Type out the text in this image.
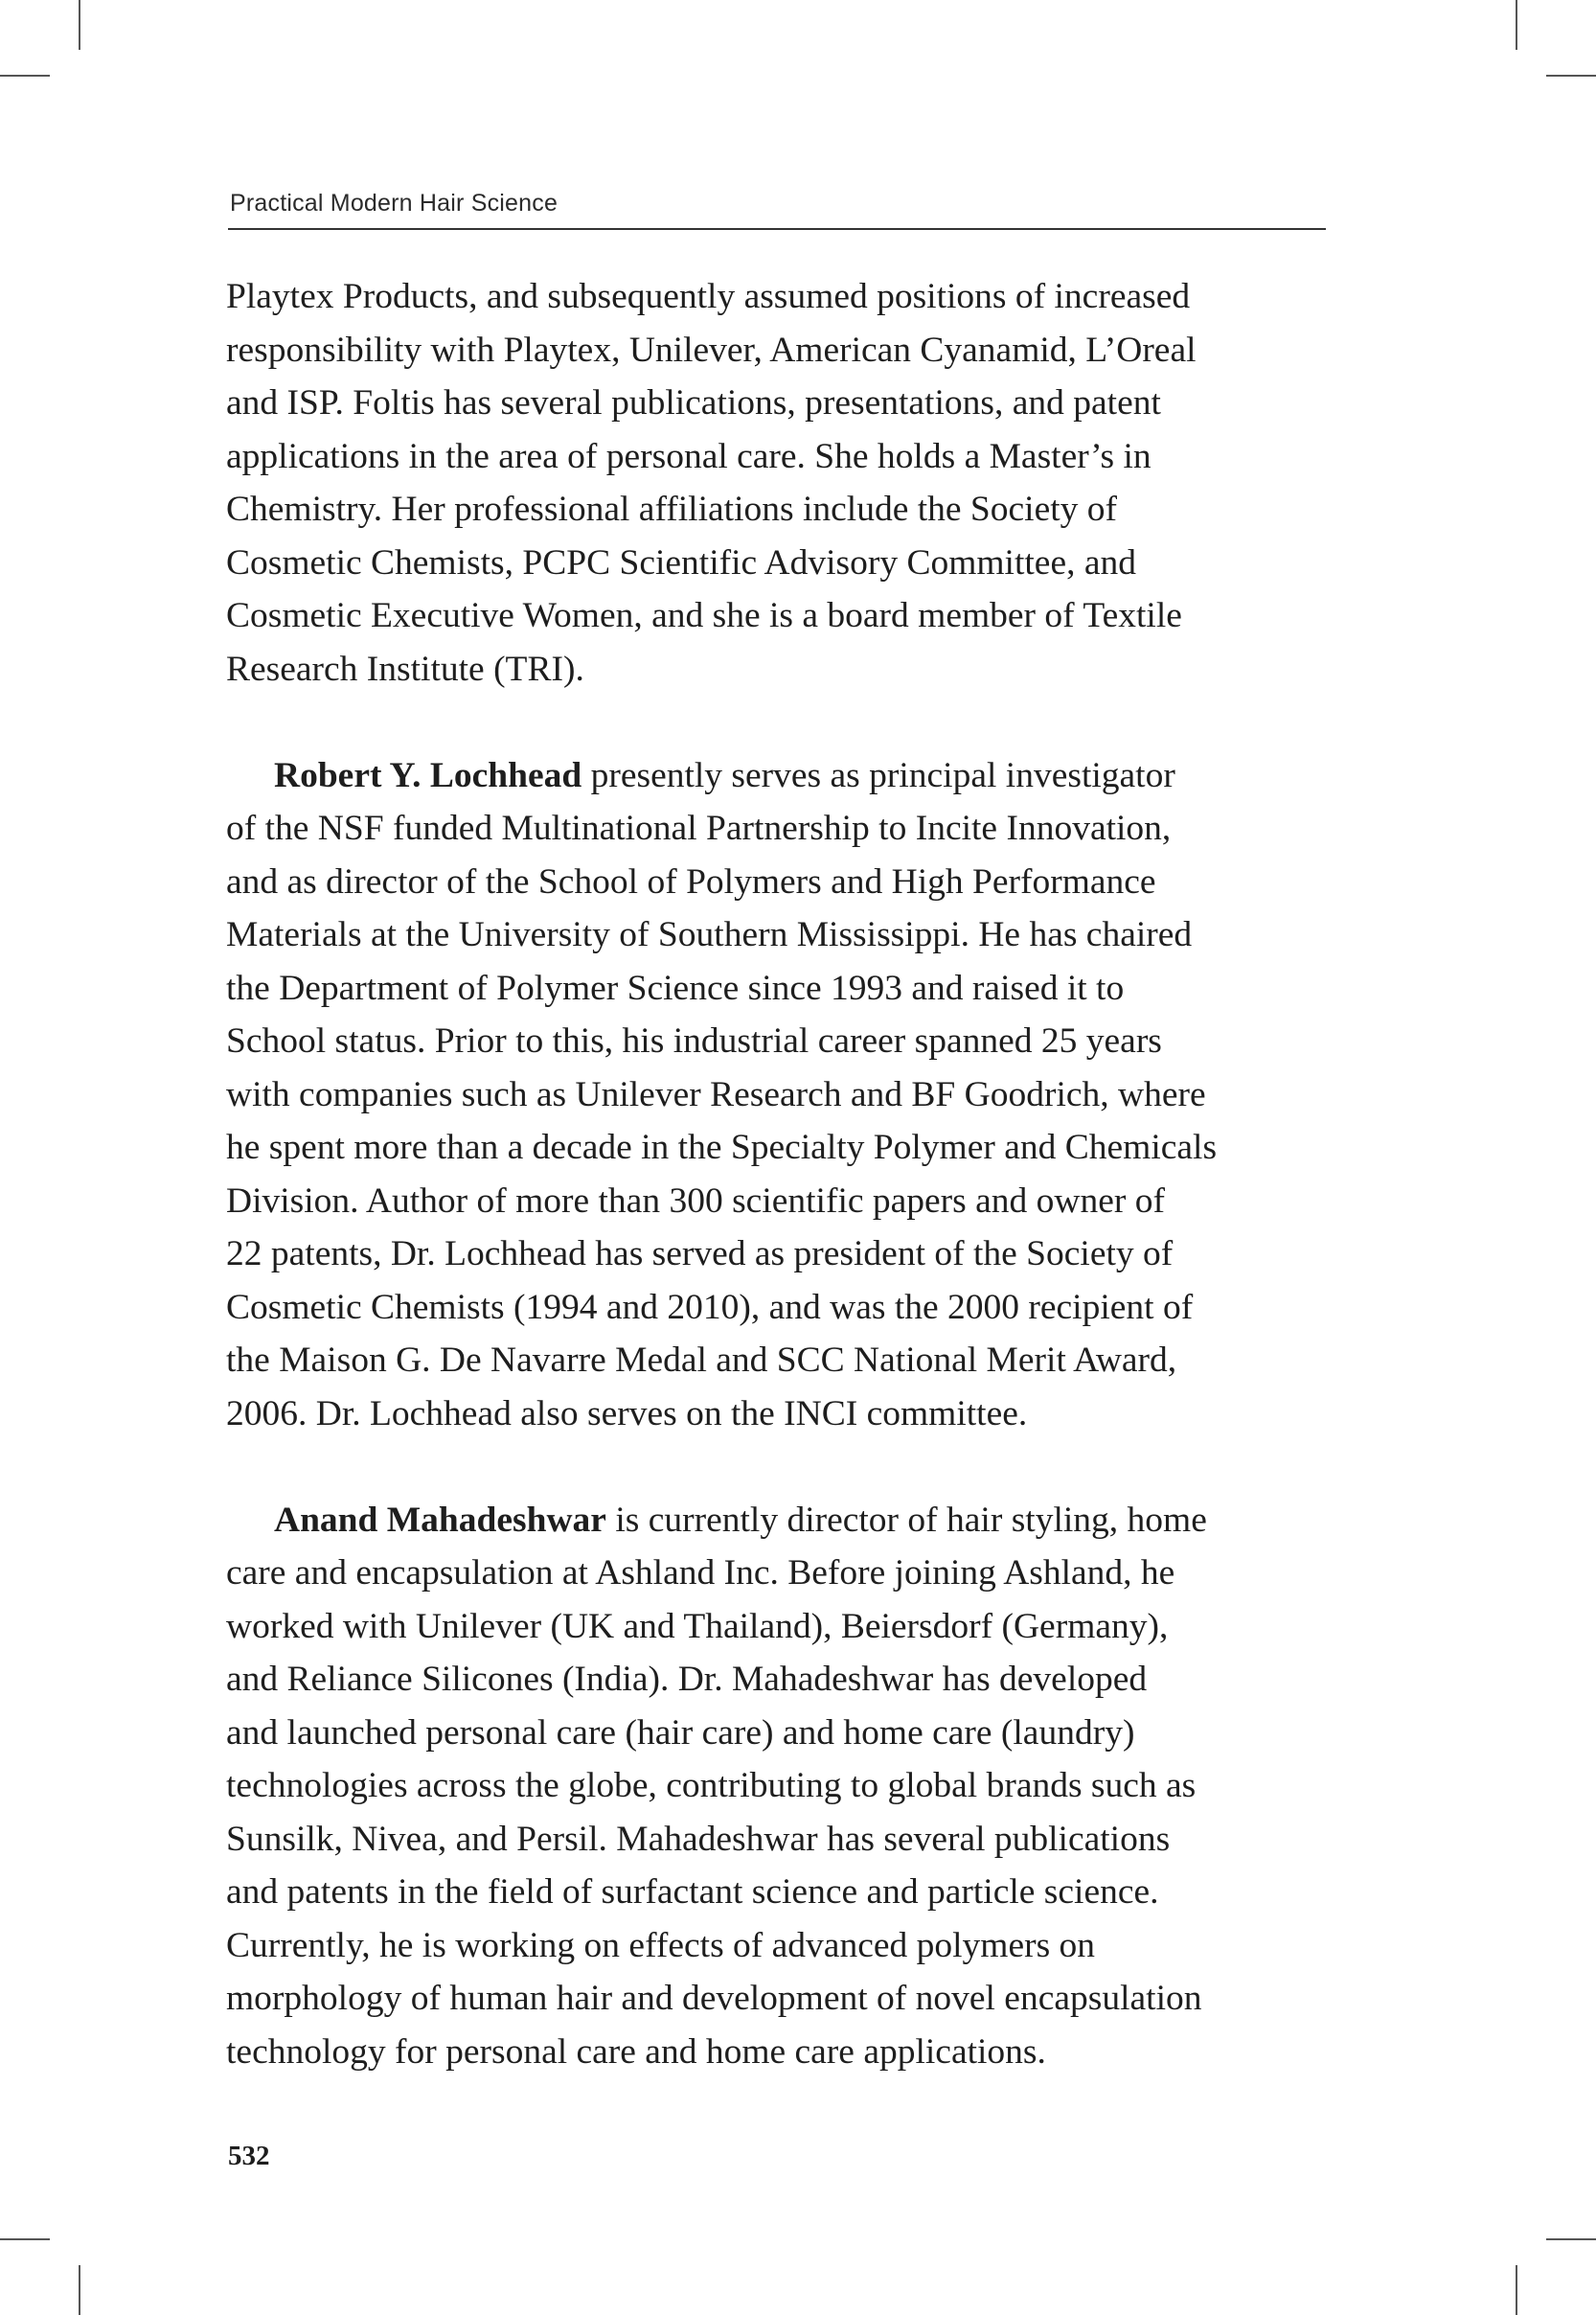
Practical Modern Hair Science
Playtex Products, and subsequently assumed positions of increased
responsibility with Playtex, Unilever, American Cyanamid, L’Oreal
and ISP. Foltis has several publications, presentations, and patent
applications in the area of personal care. She holds a Master’s in
Chemistry. Her professional affiliations include the Society of
Cosmetic Chemists, PCPC Scientific Advisory Committee, and
Cosmetic Executive Women, and she is a board member of Textile
Research Institute (TRI).
Robert Y. Lochhead presently serves as principal investigator
of the NSF funded Multinational Partnership to Incite Innovation,
and as director of the School of Polymers and High Performance
Materials at the University of Southern Mississippi. He has chaired
the Department of Polymer Science since 1993 and raised it to
School status. Prior to this, his industrial career spanned 25 years
with companies such as Unilever Research and BF Goodrich, where
he spent more than a decade in the Specialty Polymer and Chemicals
Division. Author of more than 300 scientific papers and owner of
22 patents, Dr. Lochhead has served as president of the Society of
Cosmetic Chemists (1994 and 2010), and was the 2000 recipient of
the Maison G. De Navarre Medal and SCC National Merit Award,
2006. Dr. Lochhead also serves on the INCI committee.
Anand Mahadeshwar is currently director of hair styling, home
care and encapsulation at Ashland Inc. Before joining Ashland, he
worked with Unilever (UK and Thailand), Beiersdorf (Germany),
and Reliance Silicones (India). Dr. Mahadeshwar has developed
and launched personal care (hair care) and home care (laundry)
technologies across the globe, contributing to global brands such as
Sunsilk, Nivea, and Persil. Mahadeshwar has several publications
and patents in the field of surfactant science and particle science.
Currently, he is working on effects of advanced polymers on
morphology of human hair and development of novel encapsulation
technology for personal care and home care applications.
532
